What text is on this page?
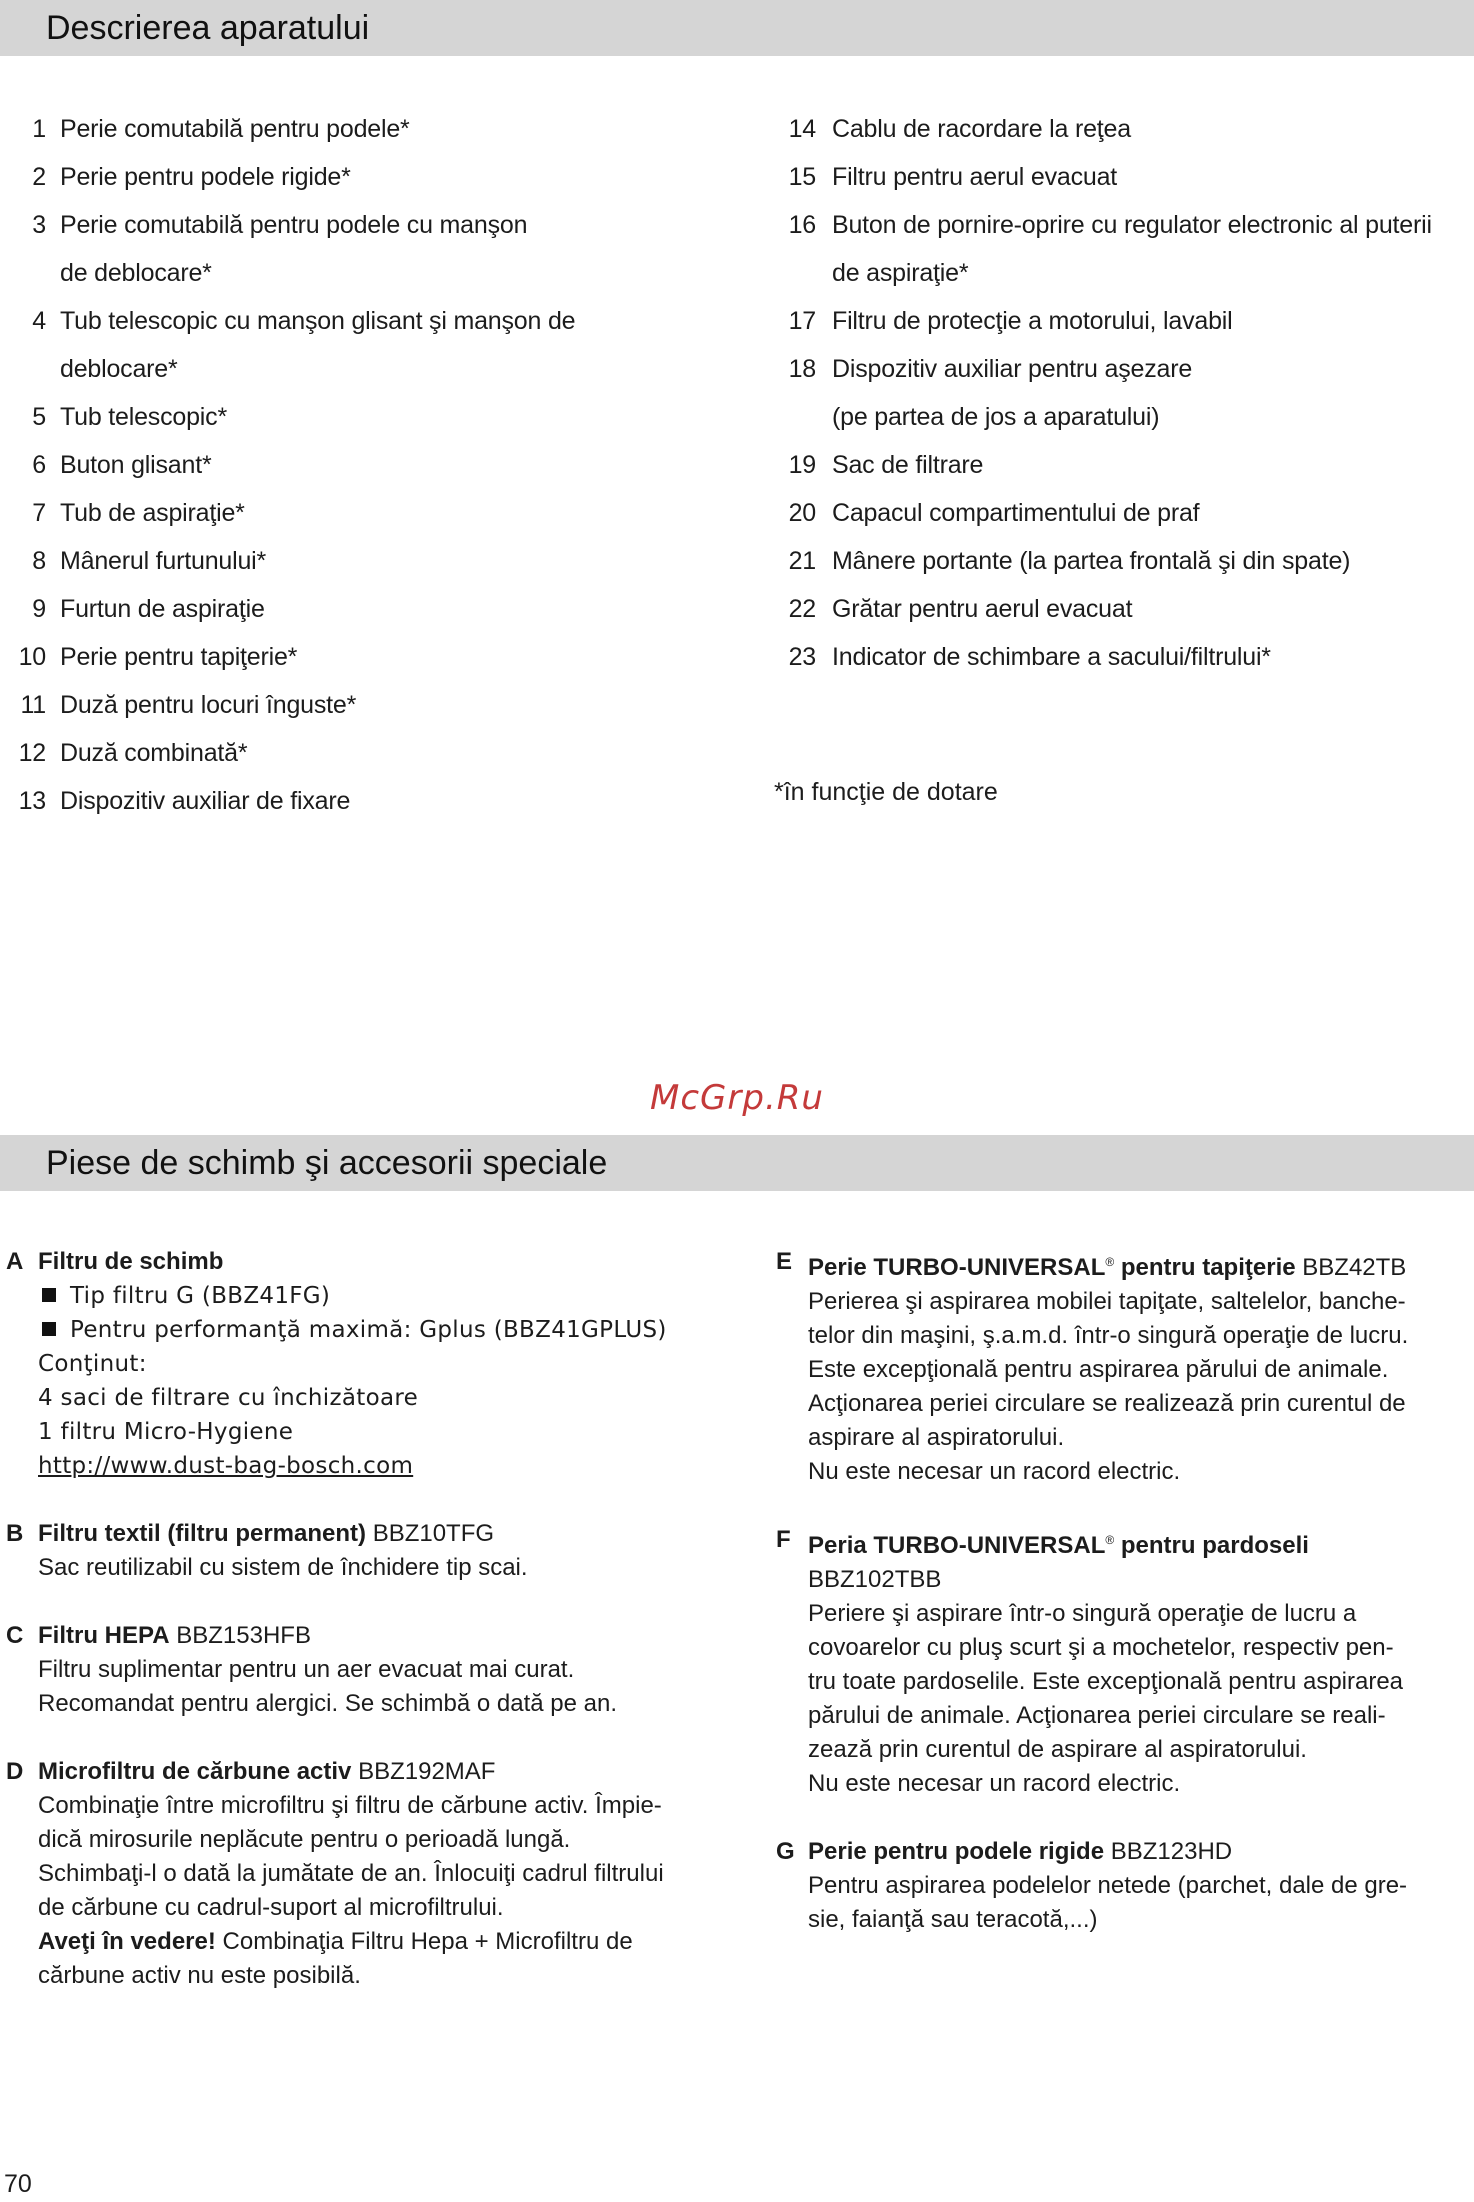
Descrierea aparatului
1 Perie comutabilă pentru podele*
2 Perie pentru podele rigide*
3 Perie comutabilă pentru podele cu manşon
de deblocare*
4 Tub telescopic cu manşon glisant şi manşon de
deblocare*
5 Tub telescopic*
6 Buton glisant*
7 Tub de aspiraţie*
8 Mânerul furtunului*
9 Furtun de aspiraţie
10 Perie pentru tapiţerie*
11 Duză pentru locuri înguste*
12 Duză combinată*
13 Dispozitiv auxiliar de fixare
14 Cablu de racordare la reţea
15 Filtru pentru aerul evacuat
16 Buton de pornire-oprire cu regulator electronic al puterii
de aspiraţie*
17 Filtru de protecţie a motorului, lavabil
18 Dispozitiv auxiliar pentru aşezare
(pe partea de jos a aparatului)
19 Sac de filtrare
20 Capacul compartimentului de praf
21 Mânere portante (la partea frontală şi din spate)
22 Grătar pentru aerul evacuat
23 Indicator de schimbare a sacului/filtrului*
*în funcţie de dotare
McGrp.Ru
Piese de schimb şi accesorii speciale
A Filtru de schimb
Tip filtru G (BBZ41FG)
Pentru performanţă maximă: Gplus (BBZ41GPLUS)
Conţinut:
4 saci de filtrare cu închizătoare
1 filtru Micro-Hygiene
http://www.dust-bag-bosch.com
B Filtru textil (filtru permanent) BBZ10TFG
Sac reutilizabil cu sistem de închidere tip scai.
C Filtru HEPA BBZ153HFB
Filtru suplimentar pentru un aer evacuat mai curat.
Recomandat pentru alergici. Se schimbă o dată pe an.
D Microfiltru de cărbune activ BBZ192MAF
Combinaţie între microfiltru şi filtru de cărbune activ. Împie-
dică mirosurile neplăcute pentru o perioadă lungă.
Schimbaţi-l o dată la jumătate de an. Înlocuiţi cadrul filtrului
de cărbune cu cadrul-suport al microfiltrului.
Aveţi în vedere! Combinaţia Filtru Hepa + Microfiltru de
cărbune activ nu este posibilă.
E Perie TURBO-UNIVERSAL® pentru tapiţerie BBZ42TB
Perierea şi aspirarea mobilei tapiţate, saltelelor, banche-
telor din maşini, ş.a.m.d. într-o singură operaţie de lucru.
Este excepţională pentru aspirarea părului de animale.
Acţionarea periei circulare se realizează prin curentul de
aspirare al aspiratorului.
Nu este necesar un racord electric.
F Peria TURBO-UNIVERSAL® pentru pardoseli
BBZ102TBB
Periere şi aspirare într-o singură operaţie de lucru a
covoarelor cu pluş scurt şi a mochetelor, respectiv pen-
tru toate pardoselile. Este excepţională pentru aspirarea
părului de animale. Acţionarea periei circulare se reali-
zează prin curentul de aspirare al aspiratorului.
Nu este necesar un racord electric.
G Perie pentru podele rigide BBZ123HD
Pentru aspirarea podelelor netede (parchet, dale de gre-
sie, faianţă sau teracotă,...)
70
